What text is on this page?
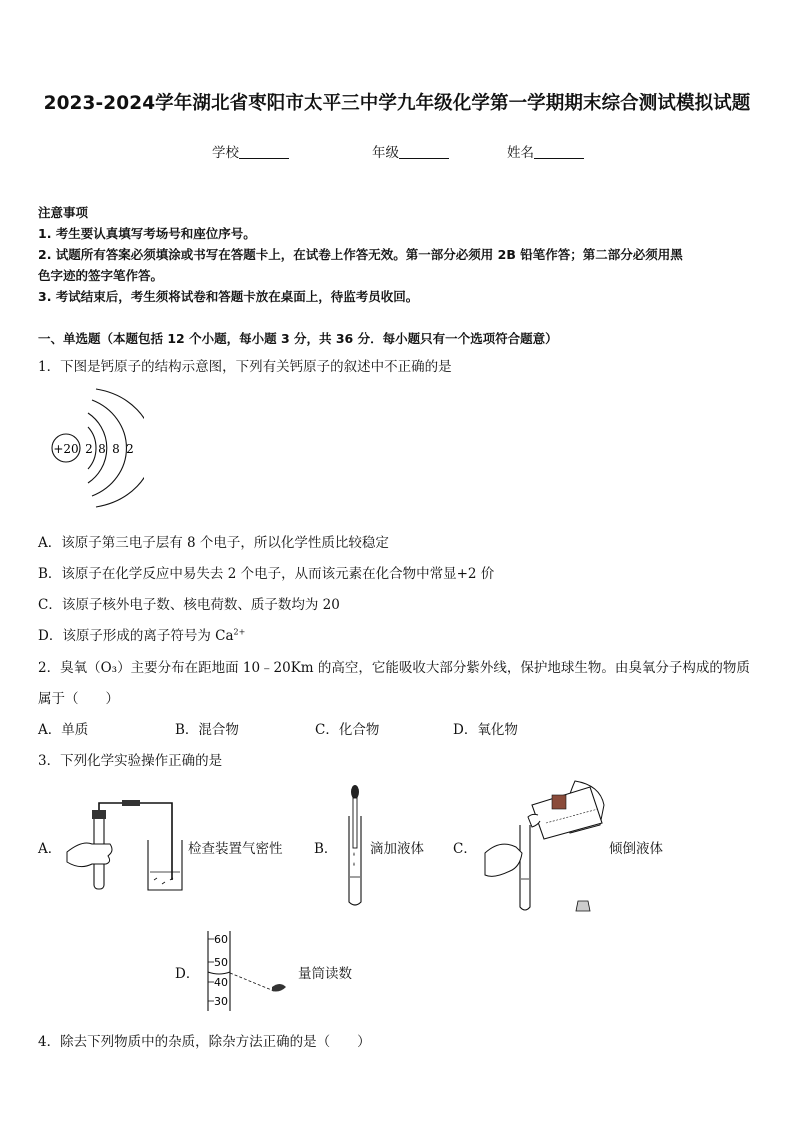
2023-2024学年湖北省枣阳市太平三中学九年级化学第一学期期末综合测试模拟试题
学校	年级	姓名
注意事项
1. 考生要认真填写考场号和座位序号。
2. 试题所有答案必须填涂或书写在答题卡上，在试卷上作答无效。第一部分必须用 2B 铅笔作答；第二部分必须用黑
色字迹的签字笔作答。
3. 考试结束后，考生须将试卷和答题卡放在桌面上，待监考员收回。
一、单选题（本题包括 12 个小题，每小题 3 分，共 36 分．每小题只有一个选项符合题意）
1．下图是钙原子的结构示意图，下列有关钙原子的叙述中不正确的是
+20 2 8 8 2
A．该原子第三电子层有 8 个电子，所以化学性质比较稳定
B．该原子在化学反应中易失去 2 个电子，从而该元素在化合物中常显+2 价
C．该原子核外电子数、核电荷数、质子数均为 20
D．该原子形成的离子符号为 $Ca^{2+}$
2．臭氧（O₃）主要分布在距地面 10﹣20Km 的高空，它能吸收大部分紫外线，保护地球生物。由臭氧分子构成的物质
属于（　　）
A．单质	B．混合物	C．化合物	D．氧化物
3．下列化学实验操作正确的是
A．	检查装置气密性 B． 滴加液体 C．	倾倒液体
D．
60
50
40
30
量筒读数
4．除去下列物质中的杂质，除杂方法正确的是（　　）
